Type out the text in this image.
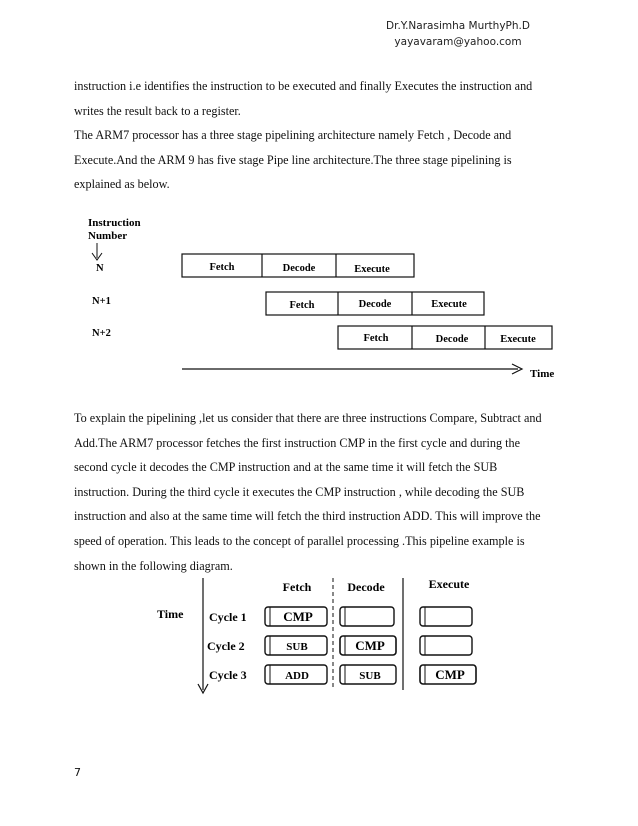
Dr.Y.Narasimha MurthyPh.D
yayavaram@yahoo.com

instruction i.e identifies the instruction to be executed and finally Executes the instruction and
writes the result back to a register.
The ARM7 processor has a three stage pipelining architecture namely Fetch , Decode and
Execute.And the ARM 9 has five stage Pipe line architecture.The three stage pipelining is
explained as below.

Instruction
Number
N
N+1
N+2
Fetch	Decode	Execute
Fetch	Decode	Execute
Fetch	Decode	Execute
Time

To explain the pipelining ,let us consider that there are three instructions Compare, Subtract and
Add.The ARM7 processor fetches the first instruction CMP in the first cycle and during the
second cycle it decodes the CMP instruction and at the same time it will fetch the SUB
instruction. During the third cycle it executes the CMP instruction , while decoding the SUB
instruction and also at the same time will fetch the third instruction ADD. This will improve the
speed of operation. This leads to the concept of parallel processing .This pipeline example is
shown in the following diagram.

Time
Fetch	Decode	Execute
Cycle 1
Cycle 2
Cycle 3
CMP
SUB	CMP
ADD	SUB	CMP
7
